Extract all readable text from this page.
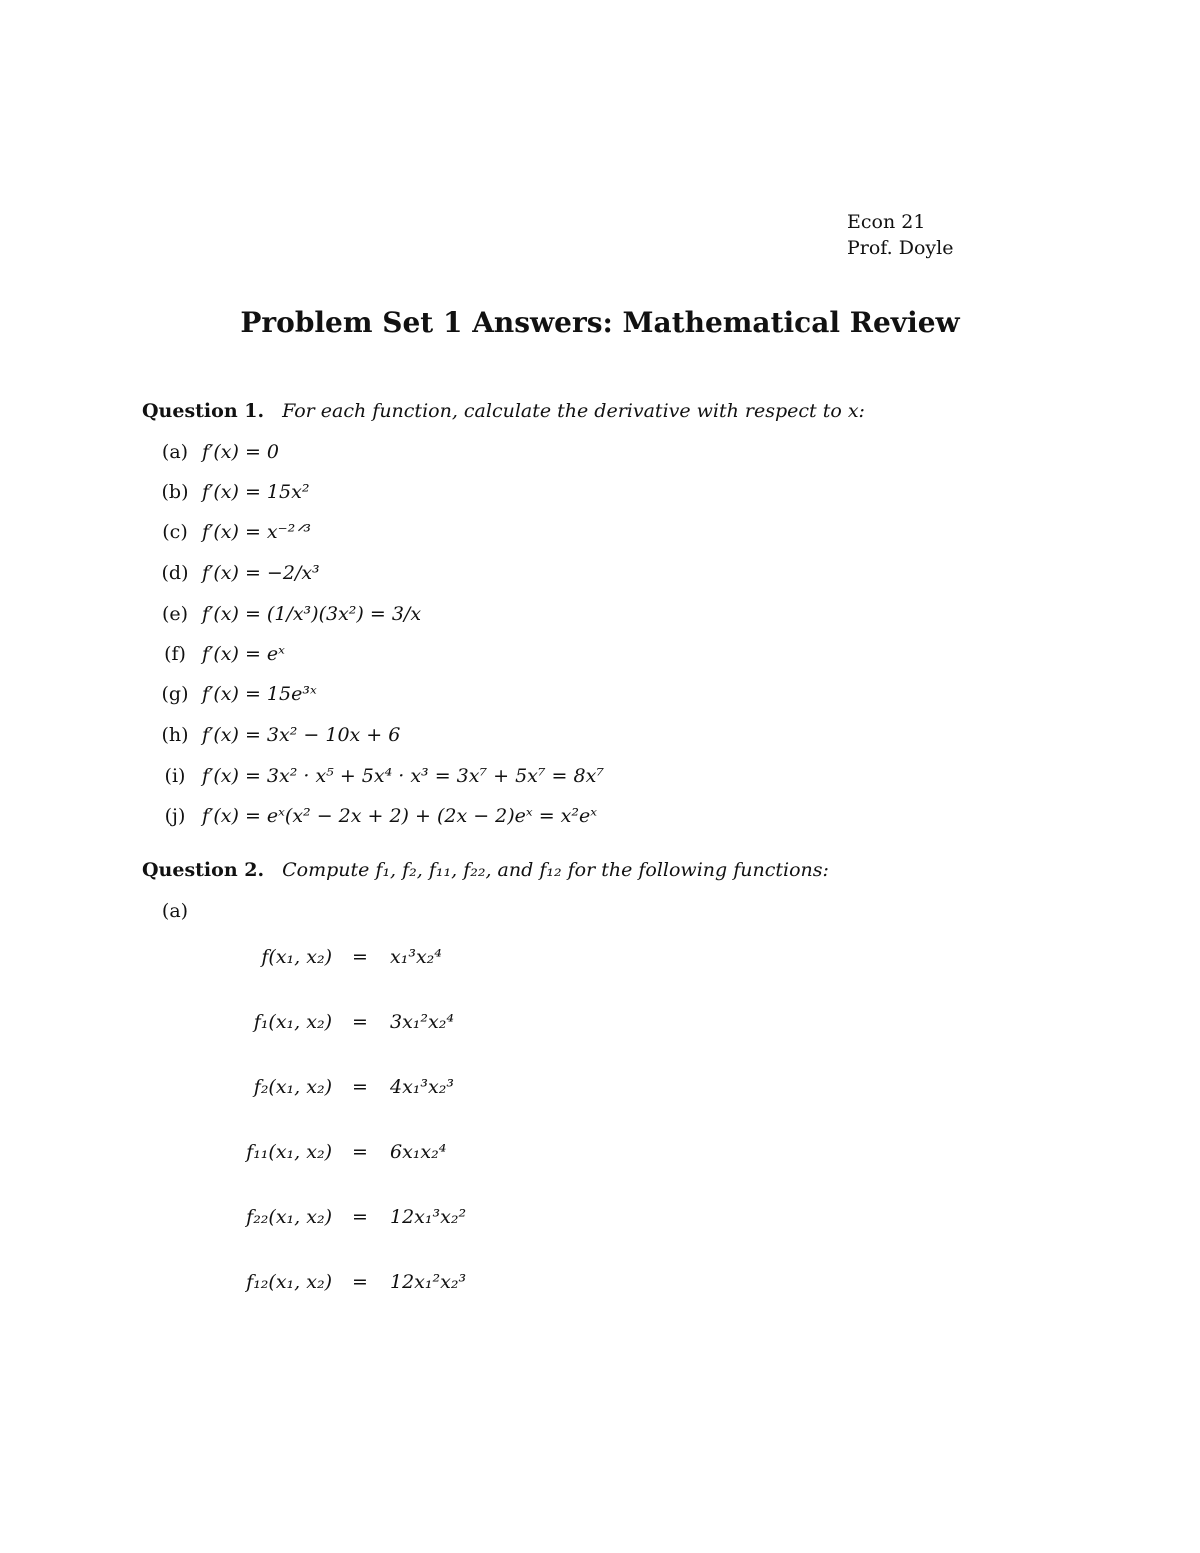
Econ 21
Prof. Doyle
Problem Set 1 Answers: Mathematical Review
Question 1. For each function, calculate the derivative with respect to x:
(a) f′(x) = 0
(b) f′(x) = 15x²
(c) f′(x) = x⁻²ᐟ³
(d) f′(x) = −2/x³
(e) f′(x) = (1/x³)(3x²) = 3/x
(f) f′(x) = eˣ
(g) f′(x) = 15e³ˣ
(h) f′(x) = 3x² − 10x + 6
(i) f′(x) = 3x² · x⁵ + 5x⁴ · x³ = 3x⁷ + 5x⁷ = 8x⁷
(j) f′(x) = eˣ(x² − 2x + 2) + (2x − 2)eˣ = x²eˣ
Question 2. Compute f₁, f₂, f₁₁, f₂₂, and f₁₂ for the following functions:
(a)
f(x₁, x₂) = x₁³x₂⁴
f₁(x₁, x₂) = 3x₁²x₂⁴
f₂(x₁, x₂) = 4x₁³x₂³
f₁₁(x₁, x₂) = 6x₁x₂⁴
f₂₂(x₁, x₂) = 12x₁³x₂²
f₁₂(x₁, x₂) = 12x₁²x₂³
